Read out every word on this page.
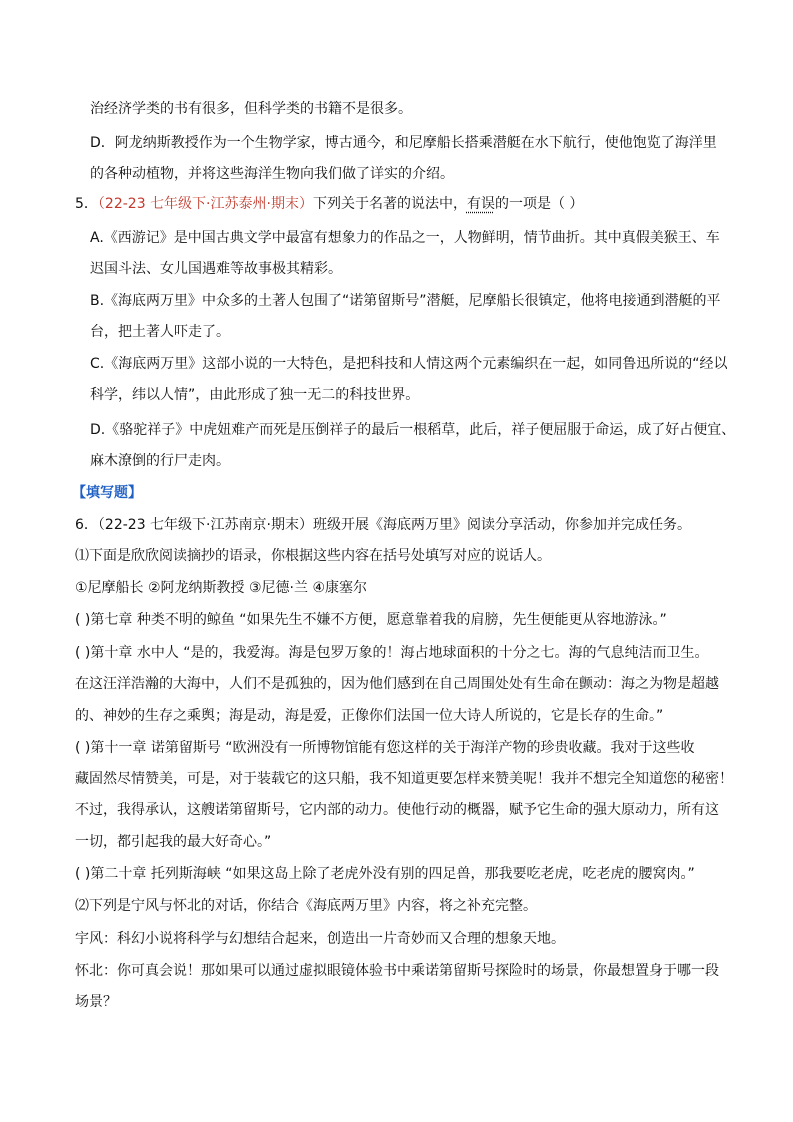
治经济学类的书有很多，但科学类的书籍不是很多。
D．阿龙纳斯教授作为一个生物学家，博古通今，和尼摩船长搭乘潜艇在水下航行，使他饱览了海洋里
的各种动植物，并将这些海洋生物向我们做了详实的介绍。
5．（22-23 七年级下·江苏泰州·期末）下列关于名著的说法中，有误的一项是（ ）
A.《西游记》是中国古典文学中最富有想象力的作品之一，人物鲜明，情节曲折。其中真假美猴王、车
迟国斗法、女儿国遇难等故事极其精彩。
B.《海底两万里》中众多的土著人包围了“诺第留斯号”潜艇，尼摩船长很镇定，他将电接通到潜艇的平
台，把土著人吓走了。
C.《海底两万里》这部小说的一大特色，是把科技和人情这两个元素编织在一起，如同鲁迅所说的“经以
科学，纬以人情”，由此形成了独一无二的科技世界。
D.《骆驼祥子》中虎妞难产而死是压倒祥子的最后一根稻草，此后，祥子便屈服于命运，成了好占便宜、
麻木潦倒的行尸走肉。
【填写题】
6．（22-23 七年级下·江苏南京·期末）班级开展《海底两万里》阅读分享活动，你参加并完成任务。
⑴下面是欣欣阅读摘抄的语录，你根据这些内容在括号处填写对应的说话人。
①尼摩船长 ②阿龙纳斯教授 ③尼德·兰 ④康塞尔
( )第七章 种类不明的鲸鱼 “如果先生不嫌不方便，愿意靠着我的肩膀，先生便能更从容地游泳。”
( )第十章 水中人 “是的，我爱海。海是包罗万象的！海占地球面积的十分之七。海的气息纯洁而卫生。
在这汪洋浩瀚的大海中，人们不是孤独的，因为他们感到在自己周围处处有生命在颤动：海之为物是超越
的、神妙的生存之乘舆；海是动，海是爱，正像你们法国一位大诗人所说的，它是长存的生命。”
( )第十一章 诺第留斯号 “欧洲没有一所博物馆能有您这样的关于海洋产物的珍贵收藏。我对于这些收
藏固然尽情赞美，可是，对于装载它的这只船，我不知道更要怎样来赞美呢！我并不想完全知道您的秘密！
不过，我得承认，这艘诺第留斯号，它内部的动力。使他行动的概器，赋予它生命的强大原动力，所有这
一切，都引起我的最大好奇心。”
( )第二十章 托列斯海峡 “如果这岛上除了老虎外没有别的四足兽，那我要吃老虎，吃老虎的腰窝肉。”
⑵下列是宁风与怀北的对话，你结合《海底两万里》内容，将之补充完整。
宇风：科幻小说将科学与幻想结合起来，创造出一片奇妙而又合理的想象天地。
怀北：你可真会说！那如果可以通过虚拟眼镜体验书中乘诺第留斯号探险时的场景，你最想置身于哪一段
场景？
